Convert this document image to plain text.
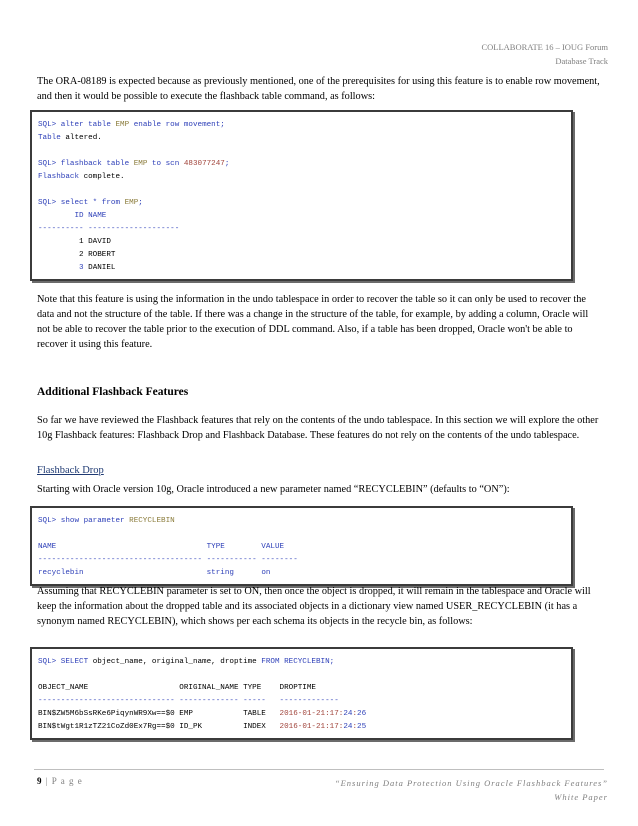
COLLABORATE 16 – IOUG Forum
Database Track

The ORA-08189 is expected because as previously mentioned, one of the prerequisites for using this feature is to enable row movement, and then it would be possible to execute the flashback table command, as follows:

SQL> alter table EMP enable row movement;
Table altered.

SQL> flashback table EMP to scn 483077247;
Flashback complete.

SQL> select * from EMP;
ID NAME
---------- --------------------
1 DAVID
2 ROBERT
3 DANIEL

Note that this feature is using the information in the undo tablespace in order to recover the table so it can only be used to recover the data and not the structure of the table. If there was a change in the structure of the table, for example, by adding a column, Oracle will not be able to recover the table prior to the execution of DDL command. Also, if a table has been dropped, Oracle won't be able to recover it using this feature.

Additional Flashback Features

So far we have reviewed the Flashback features that rely on the contents of the undo tablespace. In this section we will explore the other 10g Flashback features: Flashback Drop and Flashback Database. These features do not rely on the contents of the undo tablespace.

Flashback Drop

Starting with Oracle version 10g, Oracle introduced a new parameter named “RECYCLEBIN” (defaults to “ON”):

SQL> show parameter RECYCLEBIN

NAME                                 TYPE        VALUE
------------------------------------ ----------- --------
recyclebin	string	on

Assuming that RECYCLEBIN parameter is set to ON, then once the object is dropped, it will remain in the tablespace and Oracle will keep the information about the dropped table and its associated objects in a dictionary view named USER_RECYCLEBIN (it has a synonym named RECYCLEBIN), which shows per each schema its objects in the recycle bin, as follows:

SQL> SELECT object_name, original_name, droptime FROM RECYCLEBIN;

OBJECT_NAME                    ORIGINAL_NAME TYPE    DROPTIME
------------------------------ ------------- -----   -------------
BIN$ZW5M6bSsRKe6PiqynWR9Xw==$0 EMP           TABLE   2016-01-21:17:24:26
BIN$tWgt1R1zTZ21CoZd0Ex7Rg==$0 ID_PK         INDEX   2016-01-21:17:24:25
9 | P a g e	“Ensuring Data Protection Using Oracle Flashback Features”
White Paper
